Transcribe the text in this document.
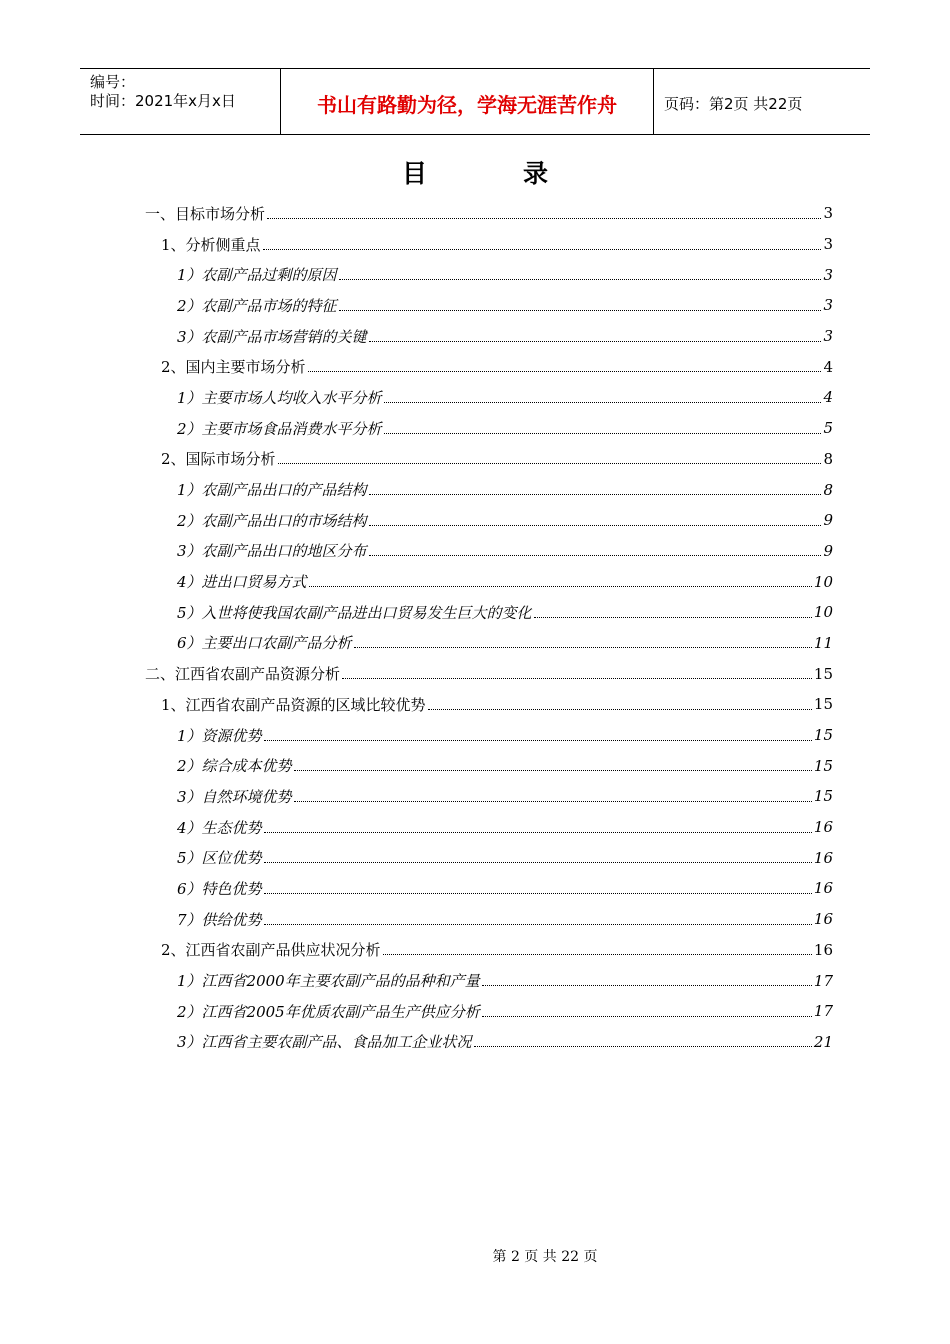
编号：
时间：2021年x月x日	书山有路勤为径，学海无涯苦作舟	页码：第2页 共22页
目录
一、目标市场分析	3
1、分析侧重点	3
1）农副产品过剩的原因	3
2）农副产品市场的特征	3
3）农副产品市场营销的关键	3
2、国内主要市场分析	4
1）主要市场人均收入水平分析	4
2）主要市场食品消费水平分析	5
2、国际市场分析	8
1）农副产品出口的产品结构	8
2）农副产品出口的市场结构	9
3）农副产品出口的地区分布	9
4）进出口贸易方式	10
5）入世将使我国农副产品进出口贸易发生巨大的变化	10
6）主要出口农副产品分析	11
二、江西省农副产品资源分析	15
1、江西省农副产品资源的区域比较优势	15
1）资源优势	15
2）综合成本优势	15
3）自然环境优势	15
4）生态优势	16
5）区位优势	16
6）特色优势	16
7）供给优势	16
2、江西省农副产品供应状况分析	16
1）江西省2000年主要农副产品的品种和产量	17
2）江西省2005年优质农副产品生产供应分析	17
3）江西省主要农副产品、食品加工企业状况	21
第 2 页 共 22 页
